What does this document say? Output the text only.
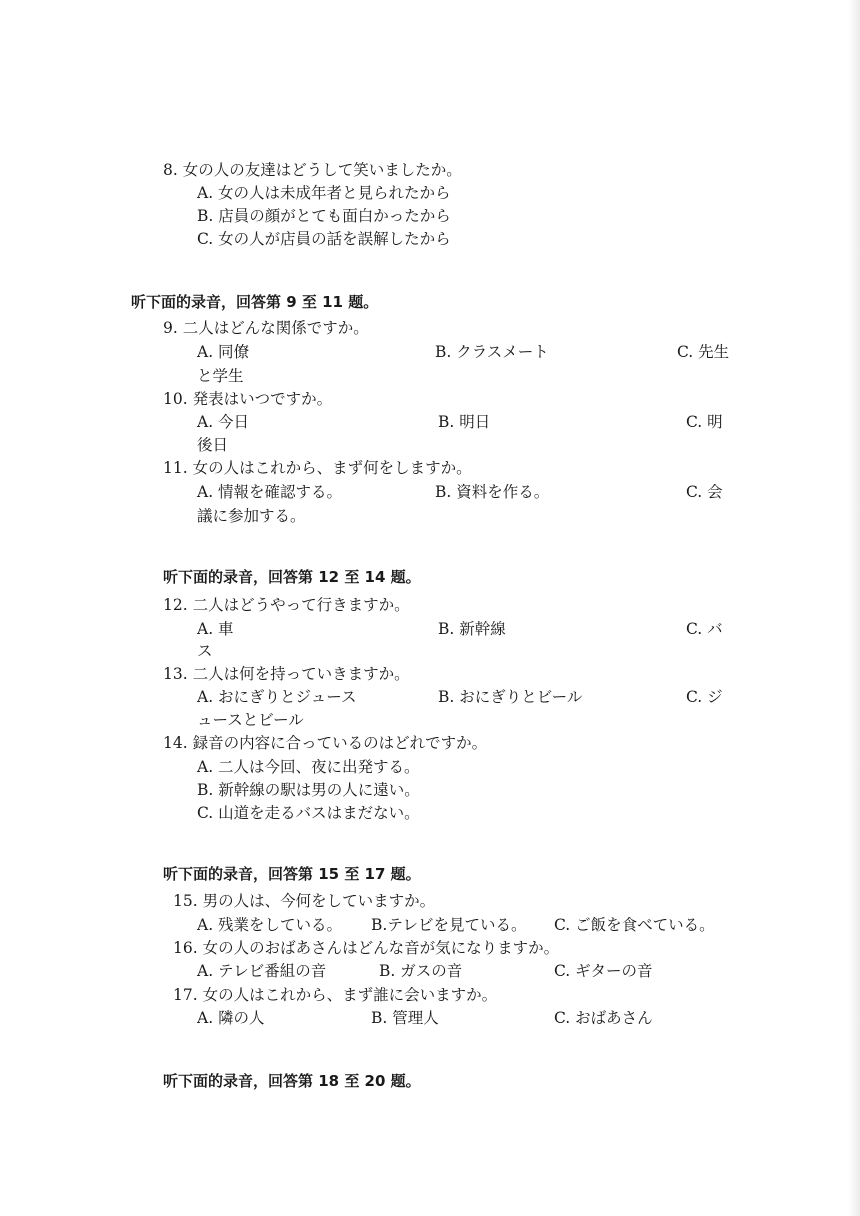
8. 女の人の友達はどうして笑いましたか。
A. 女の人は未成年者と見られたから
B. 店員の顔がとても面白かったから
C. 女の人が店員の話を誤解したから
听下面的录音，回答第 9 至 11 题。
9. 二人はどんな関係ですか。
A. 同僚	B. クラスメート	C. 先生
と学生
10. 発表はいつですか。
A. 今日	B. 明日	C. 明
後日
11. 女の人はこれから、まず何をしますか。
A. 情報を確認する。	B. 資料を作る。	C. 会
議に参加する。
听下面的录音，回答第 12 至 14 题。
12. 二人はどうやって行きますか。
A. 車	B. 新幹線	C. バ
ス
13. 二人は何を持っていきますか。
A. おにぎりとジュース	B. おにぎりとビール	C. ジ
ュースとビール
14. 録音の内容に合っているのはどれですか。
A. 二人は今回、夜に出発する。
B. 新幹線の駅は男の人に遠い。
C. 山道を走るバスはまだない。
听下面的录音，回答第 15 至 17 题。
15. 男の人は、今何をしていますか。
A. 残業をしている。 B.テレビを見ている。 C. ご飯を食べている。
16. 女の人のおばあさんはどんな音が気になりますか。
A. テレビ番組の音	B. ガスの音	C. ギターの音
17. 女の人はこれから、まず誰に会いますか。
A. 隣の人	B. 管理人	C. おばあさん
听下面的录音，回答第 18 至 20 题。
